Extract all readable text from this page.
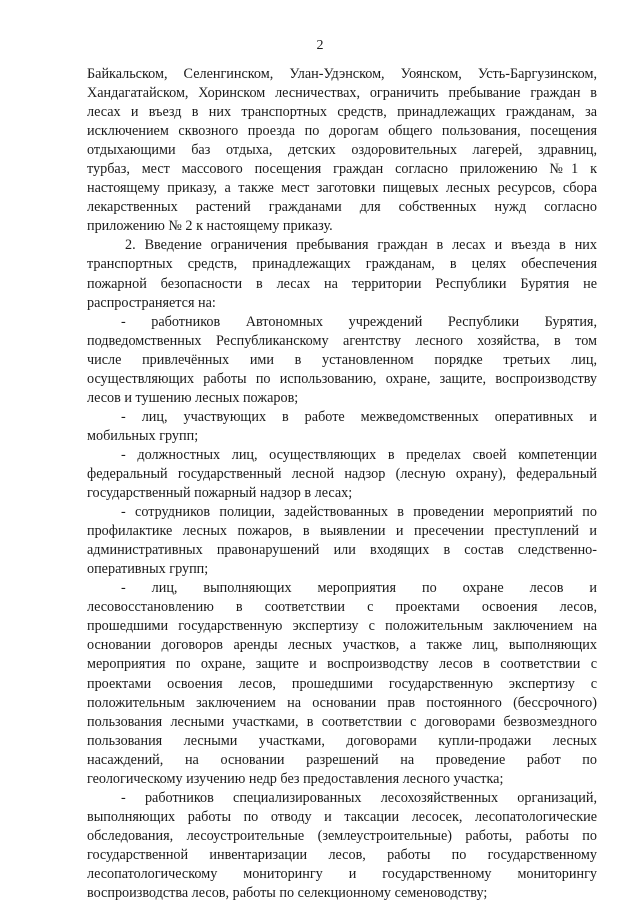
2
Байкальском, Селенгинском, Улан-Удэнском, Уоянском, Усть-Баргузинском,
Хандагатайском, Хоринском лесничествах, ограничить пребывание граждан в
лесах и въезд в них транспортных средств, принадлежащих гражданам, за
исключением сквозного проезда по дорогам общего пользования, посещения
отдыхающими баз отдыха, детских оздоровительных лагерей, здравниц,
турбаз, мест массового посещения граждан согласно приложению №1 к
настоящему приказу, а также мест заготовки пищевых лесных ресурсов, сбора
лекарственных растений гражданами для собственных нужд согласно
приложению № 2 к настоящему приказу.
2. Введение ограничения пребывания граждан в лесах и въезда в них
транспортных средств, принадлежащих гражданам, в целях обеспечения
пожарной безопасности в лесах на территории Республики Бурятия не
распространяется на:
- работников Автономных учреждений Республики Бурятия,
подведомственных Республиканскому агентству лесного хозяйства, в том
числе привлечённых ими в установленном порядке третьих лиц,
осуществляющих работы по использованию, охране, защите, воспроизводству
лесов и тушению лесных пожаров;
- лиц, участвующих в работе межведомственных оперативных и
мобильных групп;
- должностных лиц, осуществляющих в пределах своей компетенции
федеральный государственный лесной надзор (лесную охрану), федеральный
государственный пожарный надзор в лесах;
- сотрудников полиции, задействованных в проведении мероприятий по
профилактике лесных пожаров, в выявлении и пресечении преступлений и
административных правонарушений или входящих в состав следственно-
оперативных групп;
- лиц, выполняющих мероприятия по охране лесов и
лесовосстановлению в соответствии с проектами освоения лесов,
прошедшими государственную экспертизу с положительным заключением на
основании договоров аренды лесных участков, а также лиц, выполняющих
мероприятия по охране, защите и воспроизводству лесов в соответствии с
проектами освоения лесов, прошедшими государственную экспертизу с
положительным заключением на основании прав постоянного (бессрочного)
пользования лесными участками, в соответствии с договорами безвозмездного
пользования лесными участками, договорами купли-продажи лесных
насаждений, на основании разрешений на проведение работ по
геологическому изучению недр без предоставления лесного участка;
- работников специализированных лесохозяйственных организаций,
выполняющих работы по отводу и таксации лесосек, лесопатологические
обследования, лесоустроительные (землеустроительные) работы, работы по
государственной инвентаризации лесов, работы по государственному
лесопатологическому мониторингу и государственному мониторингу
воспроизводства лесов, работы по селекционному семеноводству;
